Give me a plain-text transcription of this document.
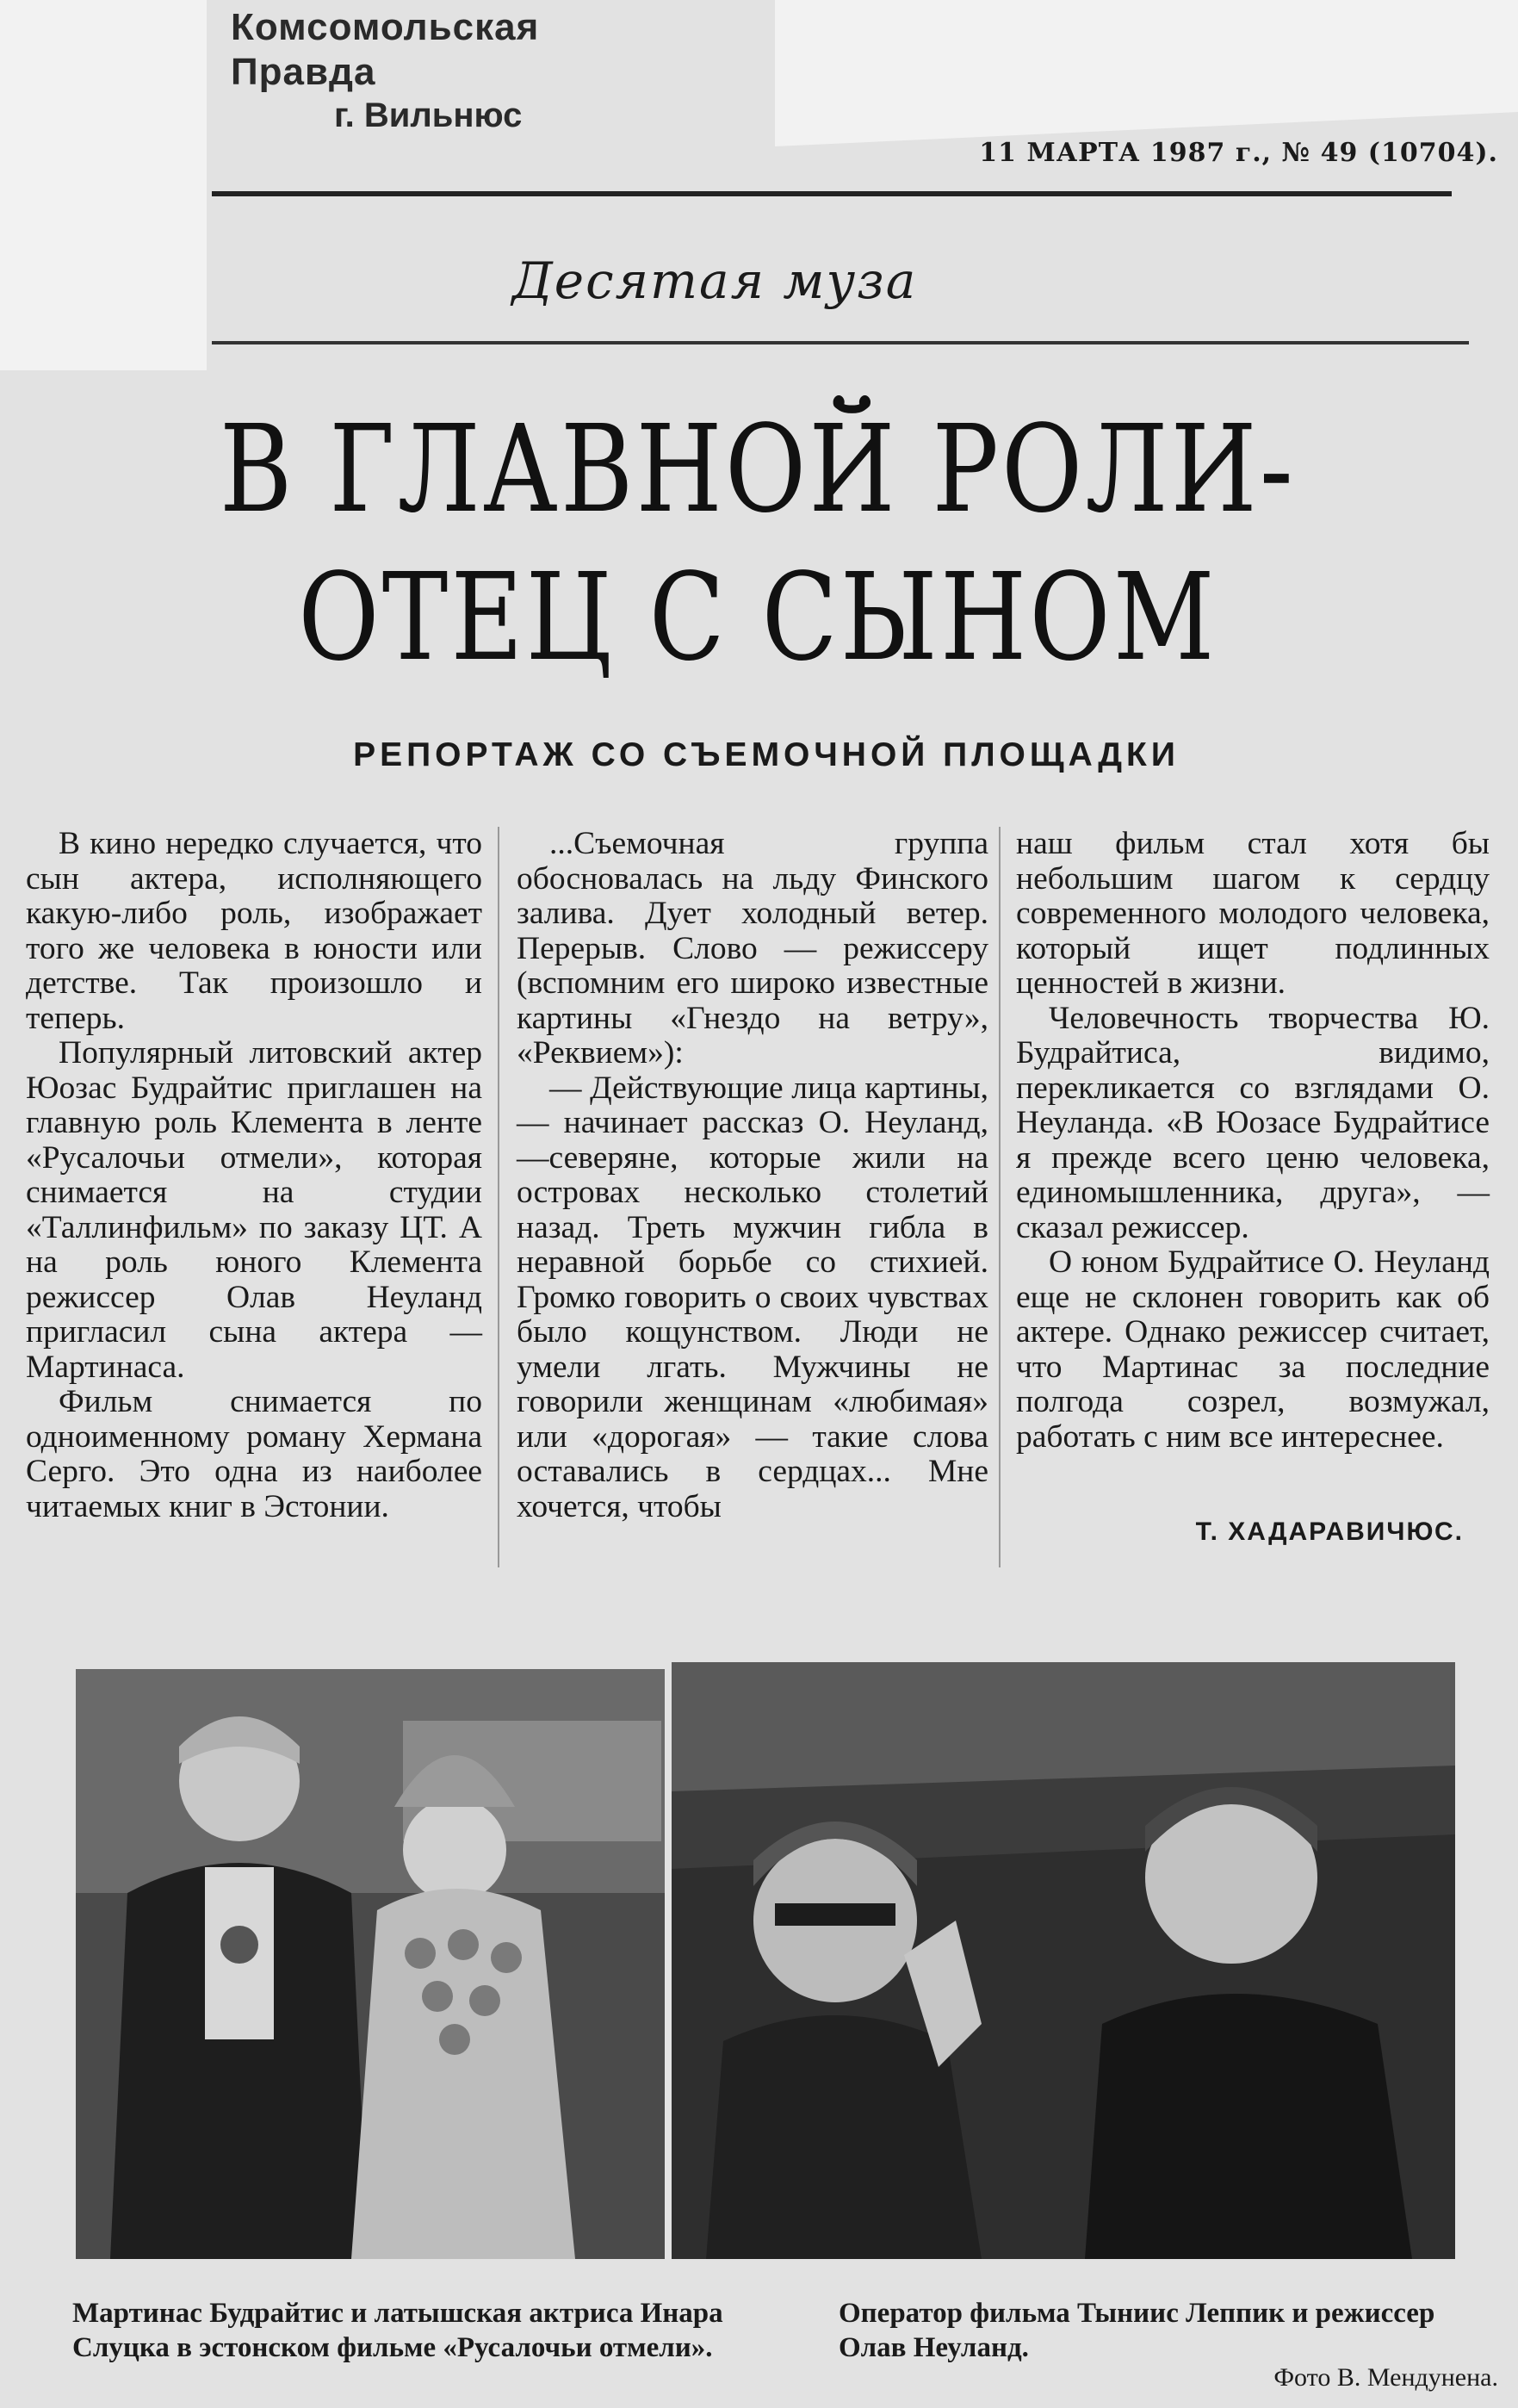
Комсомольская Правда
г. Вильнюс
11 МАРТА 1987 г., № 49 (10704).
Десятая муза
В ГЛАВНОЙ РОЛИ-
ОТЕЦ С СЫНОМ
РЕПОРТАЖ СО СЪЕМОЧНОЙ ПЛОЩАДКИ

В кино нередко случается, что сын актера, исполняющего какую-либо роль, изображает того же человека в юности или детстве. Так произошло и теперь.

Популярный литовский актер Юозас Будрайтис приглашен на главную роль Клемента в ленте «Русалочьи отмели», которая снимается на студии «Таллинфильм» по заказу ЦТ. А на роль юного Клемента режиссер Олав Неуланд пригласил сына актера — Мартинаса.

Фильм снимается по одноименному роману Хермана Серго. Это одна из наиболее читаемых книг в Эстонии.

...Съемочная группа обосновалась на льду Финского залива. Дует холодный ветер. Перерыв. Слово — режиссеру (вспомним его широко известные картины «Гнездо на ветру», «Реквием»):

— Действующие лица картины, — начинает рассказ О. Неуланд, —северяне, которые жили на островах несколько столетий назад. Треть мужчин гибла в неравной борьбе со стихией. Громко говорить о своих чувствах было кощунством. Люди не умели лгать. Мужчины не говорили женщинам «любимая» или «дорогая» — такие слова оставались в сердцах... Мне хочется, чтобы

наш фильм стал хотя бы небольшим шагом к сердцу современного молодого человека, который ищет подлинных ценностей в жизни.

Человечность творчества Ю. Будрайтиса, видимо, перекликается со взглядами О. Неуланда. «В Юозасе Будрайтисе я прежде всего ценю человека, единомышленника, друга», — сказал режиссер.

О юном Будрайтисе О. Неуланд еще не склонен говорить как об актере. Однако режиссер считает, что Мартинас за последние полгода созрел, возмужал, работать с ним все интереснее.

Т. ХАДАРАВИЧЮС.
Мартинас Будрайтис и латышская актриса Инара Слуцка в эстонском фильме «Русалочьи отмели».
Оператор фильма Тыниис Леппик и режиссер Олав Неуланд.
Фото В. Мендунена.
